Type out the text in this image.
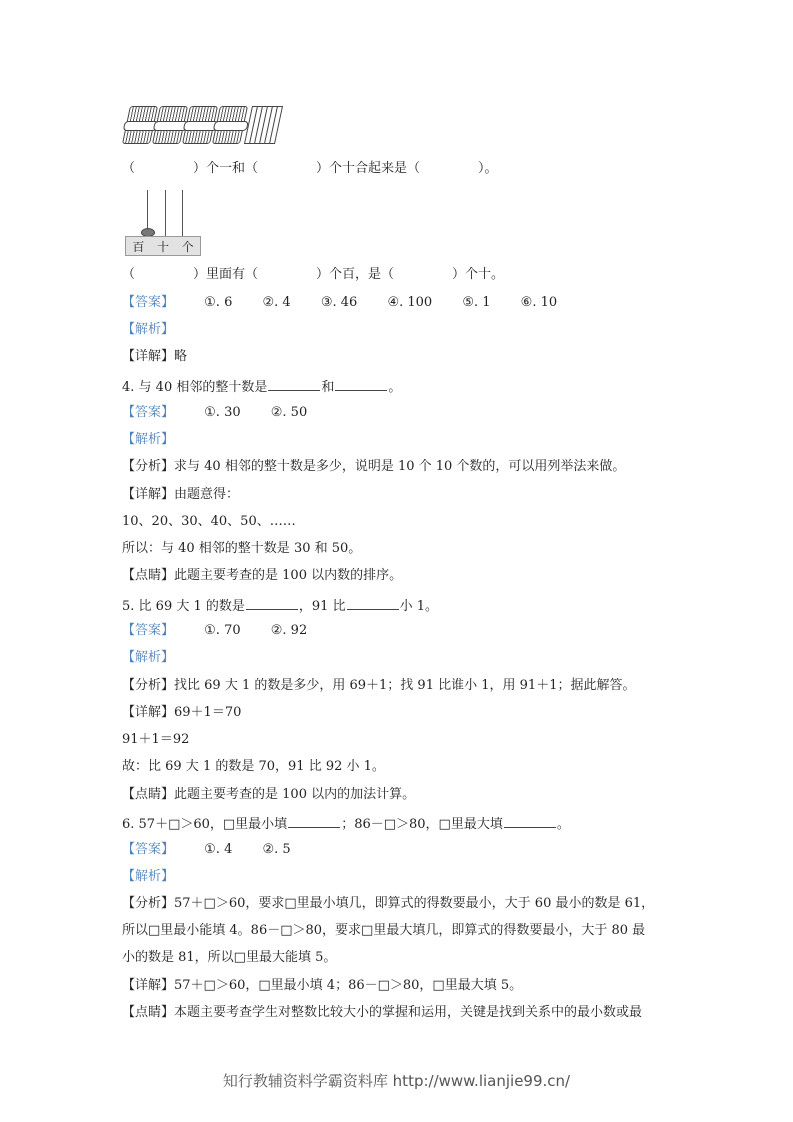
（	）个一和（	）个十合起来是（	）。
百 十 个
（	）里面有（	）个百，是（	）个十。
【答案】 ①. 6 ②. 4 ③. 46 ④. 100 ⑤. 1 ⑥. 10
【解析】
【详解】略
4. 与 40 相邻的整十数是	和	。
【答案】 ①. 30 ②. 50
【解析】
【分析】求与 40 相邻的整十数是多少，说明是 10 个 10 个数的，可以用列举法来做。
【详解】由题意得：
10、20、30、40、50、……
所以：与 40 相邻的整十数是 30 和 50。
【点睛】此题主要考查的是 100 以内数的排序。
5. 比 69 大 1 的数是	，91 比	小 1。
【答案】 ①. 70 ②. 92
【解析】
【分析】找比 69 大 1 的数是多少，用 69＋1；找 91 比谁小 1，用 91＋1；据此解答。
【详解】69＋1＝70
91＋1＝92
故：比 69 大 1 的数是 70，91 比 92 小 1。
【点睛】此题主要考查的是 100 以内的加法计算。
6. 57＋□＞60，□里最小填	；86－□＞80，□里最大填	。
【答案】 ①. 4 ②. 5
【解析】
【分析】57＋□＞60，要求□里最小填几，即算式的得数要最小，大于 60 最小的数是 61，
所以□里最小能填 4。86－□＞80，要求□里最大填几，即算式的得数要最小，大于 80 最
小的数是 81，所以□里最大能填 5。
【详解】57＋□＞60，□里最小填 4；86－□＞80，□里最大填 5。
【点睛】本题主要考查学生对整数比较大小的掌握和运用，关键是找到关系中的最小数或最
知行教辅资料学霸资料库 http://www.lianjie99.cn/
